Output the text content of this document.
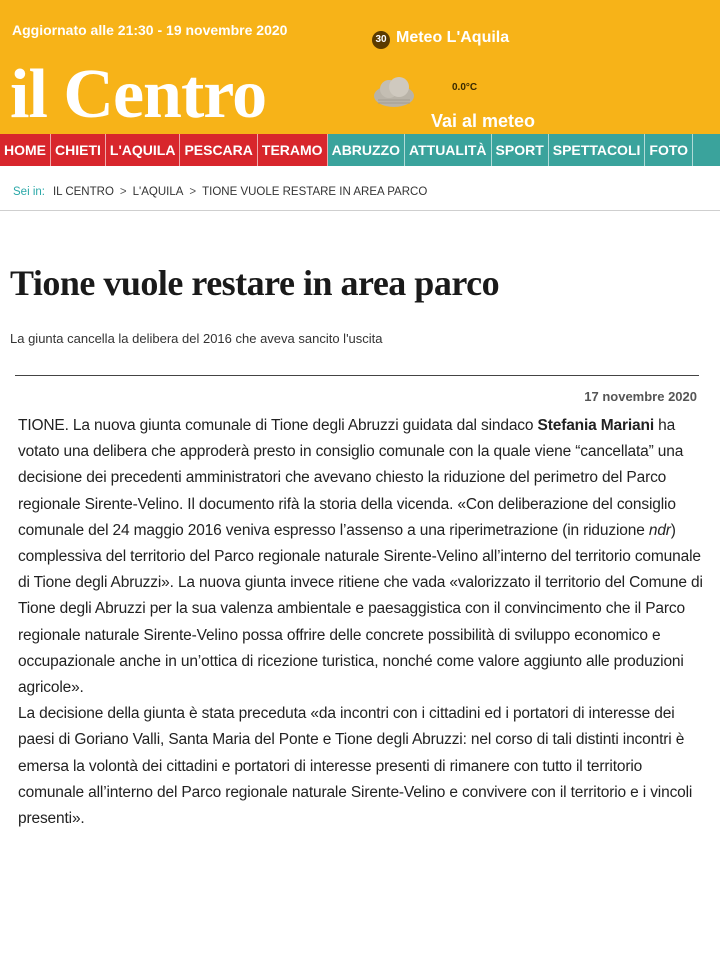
Aggiornato alle 21:30 - 19 novembre 2020
il Centro
30 Meteo L'Aquila
0.0°C
Vai al meteo
HOME CHIETI L'AQUILA PESCARA TERAMO ABRUZZO ATTUALITÀ SPORT SPETTACOLI FOTO
Sei in: IL CENTRO > L'AQUILA > TIONE VUOLE RESTARE IN AREA PARCO
Tione vuole restare in area parco
La giunta cancella la delibera del 2016 che aveva sancito l'uscita
17 novembre 2020

TIONE. La nuova giunta comunale di Tione degli Abruzzi guidata dal sindaco Stefania Mariani ha votato una delibera che approderà presto in consiglio comunale con la quale viene “cancellata” una decisione dei precedenti amministratori che avevano chiesto la riduzione del perimetro del Parco regionale Sirente-Velino. Il documento rifà la storia della vicenda. «Con deliberazione del consiglio comunale del 24 maggio 2016 veniva espresso l’assenso a una riperimetrazione (in riduzione ndr) complessiva del territorio del Parco regionale naturale Sirente-Velino all’interno del territorio comunale di Tione degli Abruzzi». La nuova giunta invece ritiene che vada «valorizzato il territorio del Comune di Tione degli Abruzzi per la sua valenza ambientale e paesaggistica con il convincimento che il Parco regionale naturale Sirente-Velino possa offrire delle concrete possibilità di sviluppo economico e occupazionale anche in un’ottica di ricezione turistica, nonché come valore aggiunto alle produzioni agricole».

La decisione della giunta è stata preceduta «da incontri con i cittadini ed i portatori di interesse dei paesi di Goriano Valli, Santa Maria del Ponte e Tione degli Abruzzi: nel corso di tali distinti incontri è emersa la volontà dei cittadini e portatori di interesse presenti di rimanere con tutto il territorio comunale all’interno del Parco regionale naturale Sirente-Velino e convivere con il territorio e i vincoli presenti».
